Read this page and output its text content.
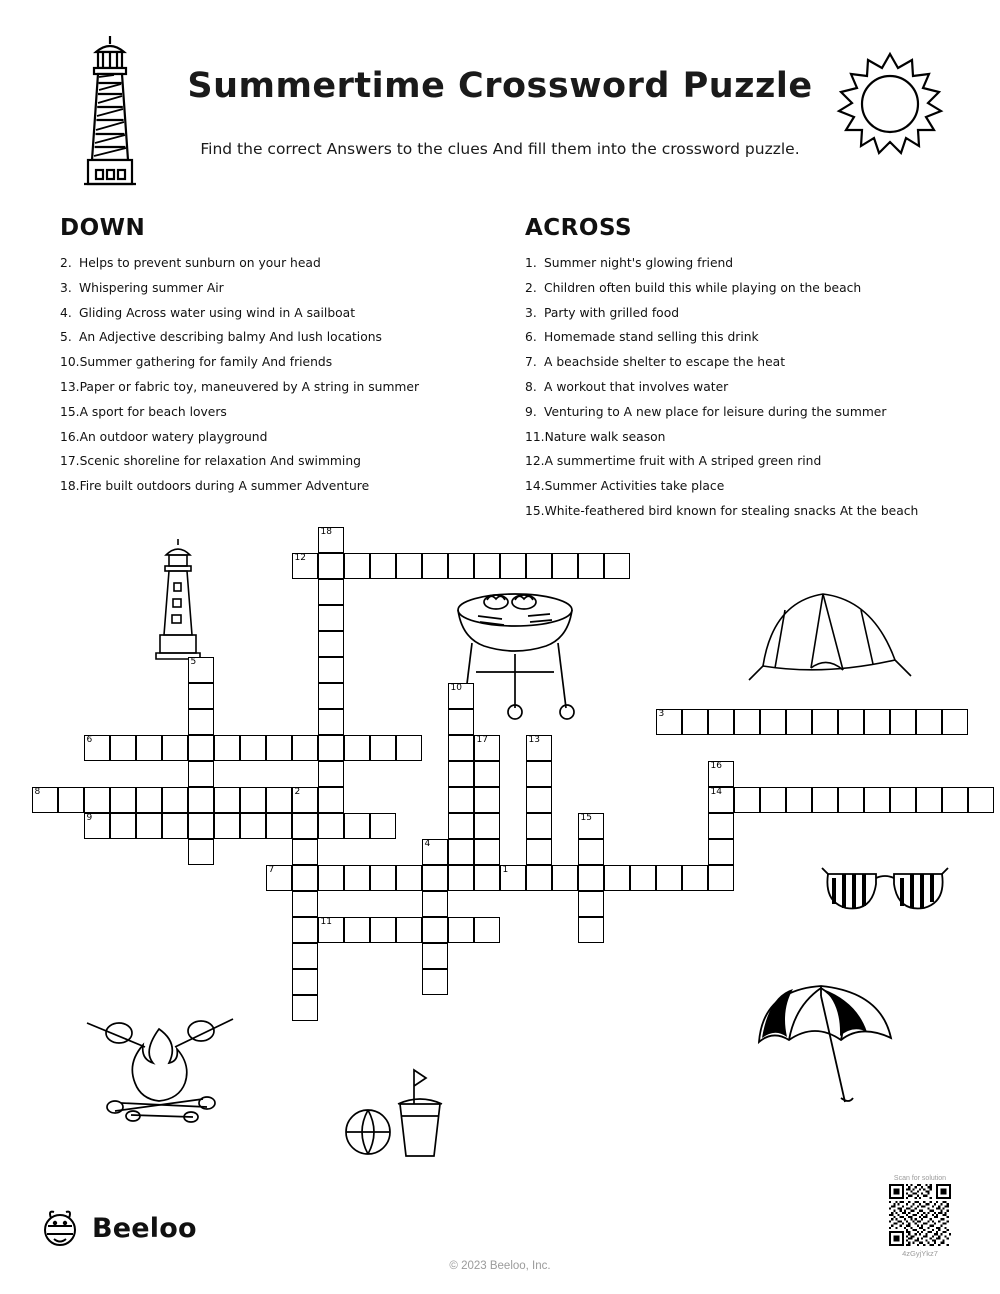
Summertime Crossword Puzzle
Find the correct Answers to the clues And fill them into the crossword puzzle.
DOWN
2. Helps to prevent sunburn on your head
3. Whispering summer Air
4. Gliding Across water using wind in A sailboat
5. An Adjective describing balmy And lush locations
10.Summer gathering for family And friends
13.Paper or fabric toy, maneuvered by A string in summer
15.A sport for beach lovers
16.An outdoor watery playground
17.Scenic shoreline for relaxation And swimming
18.Fire built outdoors during A summer Adventure
ACROSS
1. Summer night's glowing friend
2. Children often build this while playing on the beach
3. Party with grilled food
6. Homemade stand selling this drink
7. A beachside shelter to escape the heat
8. A workout that involves water
9. Venturing to A new place for leisure during the summer
11.Nature walk season
12.A summertime fruit with A striped green rind
14.Summer Activities take place
15.White-feathered bird known for stealing snacks At the beach
18
12
5
10
3
6	17	13
16
14
8	2
9	15
4
7	1
11
Beeloo
© 2023 Beeloo, Inc.
Scan for solution
4zGyjYkz7
